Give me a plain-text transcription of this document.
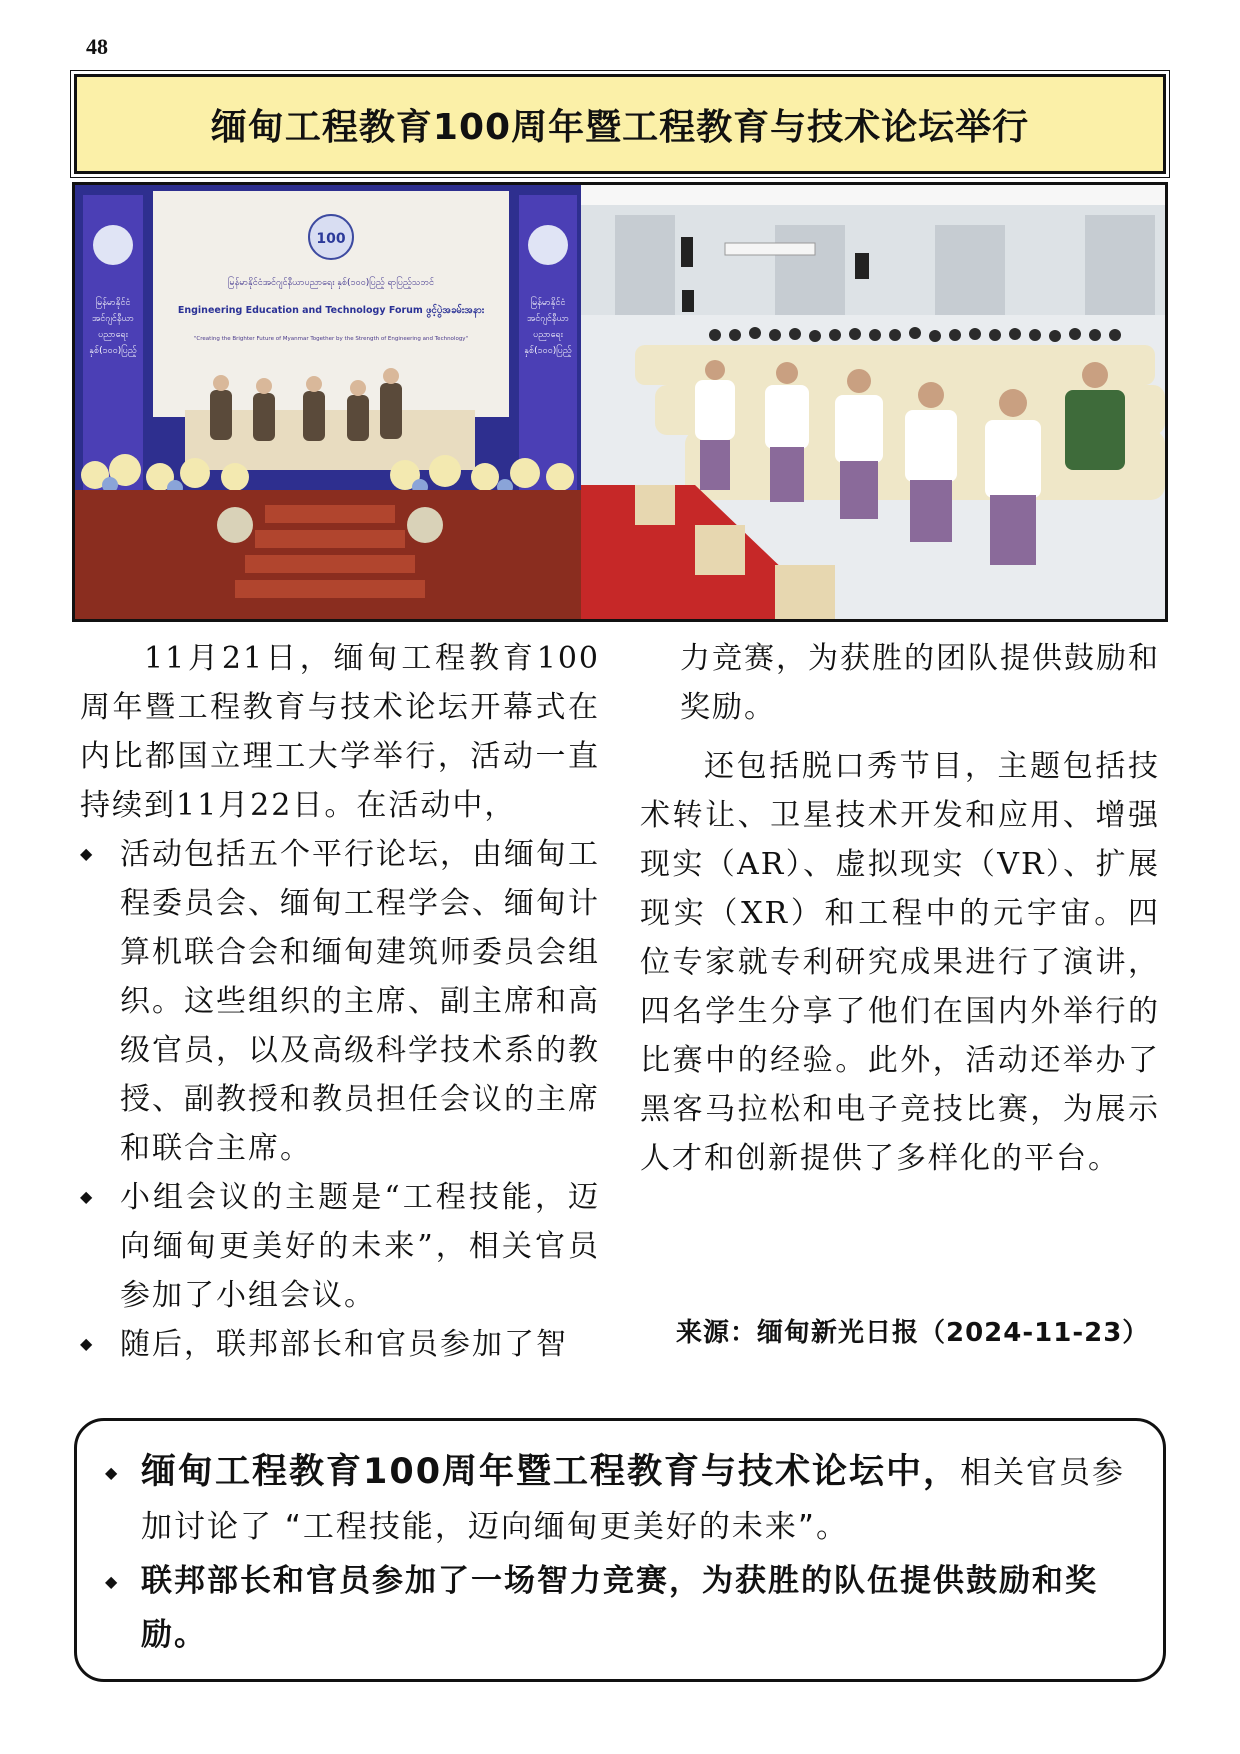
48
缅甸工程教育100周年暨工程教育与技术论坛举行
မြန်မာနိုင်ငံအင်ဂျင်နီယာပညာရေးနှစ်(၁၀၀)ပြည့်
မြန်မာနိုင်ငံအင်ဂျင်နီယာပညာရေးနှစ်(၁၀၀)ပြည့်
100
မြန်မာနိုင်ငံအင်ဂျင်နီယာပညာရေး နှစ်(၁၀၀)ပြည့် ရာပြည့်သဘင်
Engineering Education and Technology Forum ဖွင့်ပွဲအခမ်းအနား
"Creating the Brighter Future of Myanmar Together by the Strength of Engineering and Technology"

11月21日，缅甸工程教育100周年暨工程教育与技术论坛开幕式在内比都国立理工大学举行，活动一直持续到11月22日。在活动中，

◆ 活动包括五个平行论坛，由缅甸工程委员会、缅甸工程学会、缅甸计算机联合会和缅甸建筑师委员会组织。这些组织的主席、副主席和高级官员，以及高级科学技术系的教授、副教授和教员担任会议的主席和联合主席。
◆ 小组会议的主题是“工程技能，迈向缅甸更美好的未来”，相关官员参加了小组会议。
◆ 随后，联邦部长和官员参加了智

力竞赛，为获胜的团队提供鼓励和奖励。

还包括脱口秀节目，主题包括技术转让、卫星技术开发和应用、增强现实（AR）、虚拟现实（VR）、扩展现实（XR）和工程中的元宇宙。四位专家就专利研究成果进行了演讲，四名学生分享了他们在国内外举行的比赛中的经验。此外，活动还举办了黑客马拉松和电子竞技比赛，为展示人才和创新提供了多样化的平台。

来源：缅甸新光日报（2024-11-23）
◆ 缅甸工程教育100周年暨工程教育与技术论坛中，相关官员参加讨论了 “工程技能，迈向缅甸更美好的未来”。
◆ 联邦部长和官员参加了一场智力竞赛，为获胜的队伍提供鼓励和奖励。
